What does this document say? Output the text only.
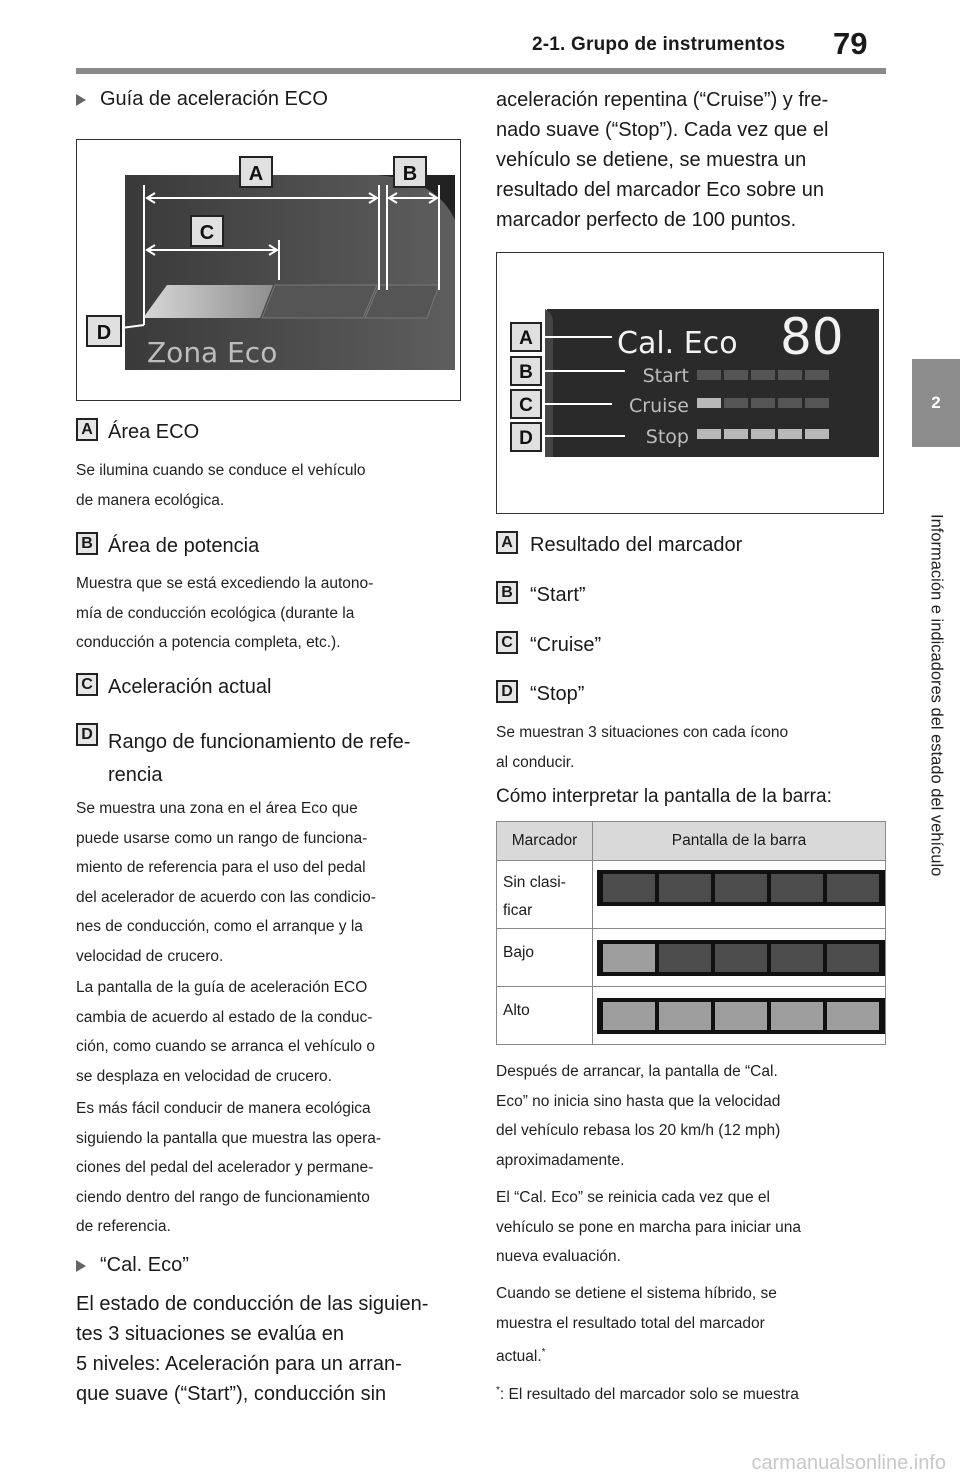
2-1. Grupo de instrumentos 79
2
Información e indicadores del estado del vehículo
Guía de aceleración ECO
A	B
C
D
Zona Eco
A Área ECO
Se ilumina cuando se conduce el vehículo
de manera ecológica.
B Área de potencia
Muestra que se está excediendo la autono-
mía de conducción ecológica (durante la
conducción a potencia completa, etc.).
C Aceleración actual
D Rango de funcionamiento de refe-
rencia
Se muestra una zona en el área Eco que
puede usarse como un rango de funciona-
miento de referencia para el uso del pedal
del acelerador de acuerdo con las condicio-
nes de conducción, como el arranque y la
velocidad de crucero.
La pantalla de la guía de aceleración ECO
cambia de acuerdo al estado de la conduc-
ción, como cuando se arranca el vehículo o
se desplaza en velocidad de crucero.
Es más fácil conducir de manera ecológica
siguiendo la pantalla que muestra las opera-
ciones del pedal del acelerador y permane-
ciendo dentro del rango de funcionamiento
de referencia.
“Cal. Eco”
El estado de conducción de las siguien-
tes 3 situaciones se evalúa en
5 niveles: Aceleración para un arran-
que suave (“Start”), conducción sin
aceleración repentina (“Cruise”) y fre-
nado suave (“Stop”). Cada vez que el
vehículo se detiene, se muestra un
resultado del marcador Eco sobre un
marcador perfecto de 100 puntos.
A
B
C
D
Cal. Eco 80
Start
Cruise
Stop
A Resultado del marcador
B “Start”
C “Cruise”
D “Stop”
Se muestran 3 situaciones con cada ícono
al conducir.
Cómo interpretar la pantalla de la barra:
Marcador	Pantalla de la barra
Sin clasi-
ficar	

Bajo	

Alto	
Después de arrancar, la pantalla de “Cal.
Eco” no inicia sino hasta que la velocidad
del vehículo rebasa los 20 km/h (12 mph)
aproximadamente.
El “Cal. Eco” se reinicia cada vez que el
vehículo se pone en marcha para iniciar una
nueva evaluación.
Cuando se detiene el sistema híbrido, se
muestra el resultado total del marcador
actual.*
*: El resultado del marcador solo se muestra
carmanualsonline.info
